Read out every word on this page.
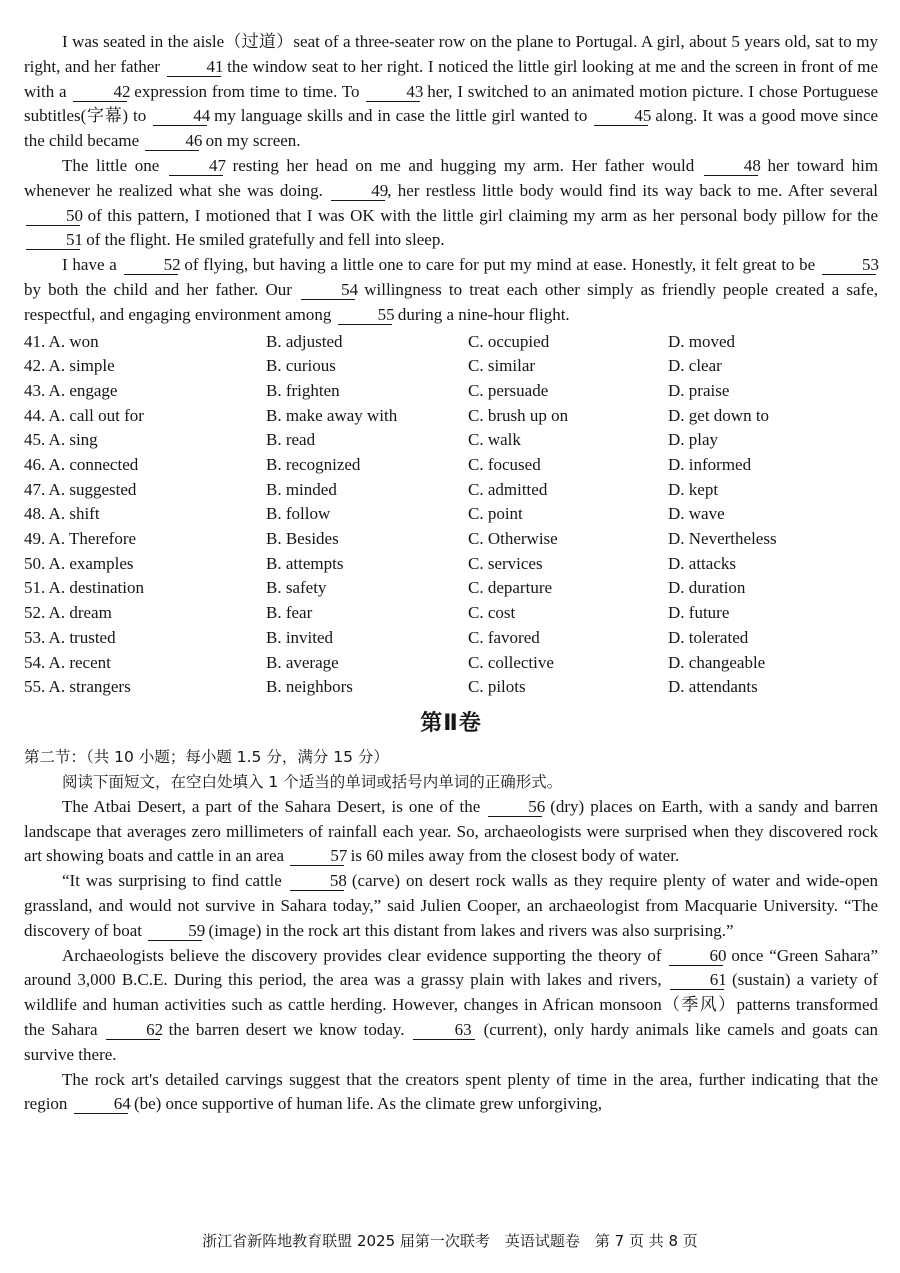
I was seated in the aisle（过道）seat of a three-seater row on the plane to Portugal. A girl, about 5 years old, sat to my right, and her father	41 the window seat to her right. I noticed the little girl looking at me and the screen in front of me with a	42 expression from time to time. To	43 her, I switched to an animated motion picture. I chose Portuguese subtitles(字幕) to	44 my language skills and in case the little girl wanted to	45 along. It was a good move since the child became	46 on my screen.

The little one	47 resting her head on me and hugging my arm. Her father would	48 her toward him whenever he realized what she was doing.	49, her restless little body would find its way back to me. After several 50 of this pattern, I motioned that I was OK with the little girl claiming my arm as her personal body pillow for the 51 of the flight. He smiled gratefully and fell into sleep.

I have a	52 of flying, but having a little one to care for put my mind at ease. Honestly, it felt great to be	53 by both the child and her father. Our	54 willingness to treat each other simply as friendly people created a safe, respectful, and engaging environment among	55 during a nine-hour flight.

41. A. won	B. adjusted	C. occupied	D. moved
42. A. simple	B. curious	C. similar	D. clear
43. A. engage	B. frighten	C. persuade	D. praise
44. A. call out for	B. make away with	C. brush up on	D. get down to
45. A. sing	B. read	C. walk	D. play
46. A. connected	B. recognized	C. focused	D. informed
47. A. suggested	B. minded	C. admitted	D. kept
48. A. shift	B. follow	C. point	D. wave
49. A. Therefore	B. Besides	C. Otherwise	D. Nevertheless
50. A. examples	B. attempts	C. services	D. attacks
51. A. destination	B. safety	C. departure	D. duration
52. A. dream	B. fear	C. cost	D. future
53. A. trusted	B. invited	C. favored	D. tolerated
54. A. recent	B. average	C. collective	D. changeable
55. A. strangers	B. neighbors	C. pilots	D. attendants
第Ⅱ卷

第二节：（共 10 小题；每小题 1.5 分，满分 15 分）

阅读下面短文，在空白处填入 1 个适当的单词或括号内单词的正确形式。

The Atbai Desert, a part of the Sahara Desert, is one of the	56 (dry) places on Earth, with a sandy and barren landscape that averages zero millimeters of rainfall each year. So, archaeologists were surprised when they discovered rock art showing boats and cattle in an area	57 is 60 miles away from the closest body of water.

“It was surprising to find cattle	58 (carve) on desert rock walls as they require plenty of water and wide-open grassland, and would not survive in Sahara today,” said Julien Cooper, an archaeologist from Macquarie University. “The discovery of boat	59 (image) in the rock art this distant from lakes and rivers was also surprising.”

Archaeologists believe the discovery provides clear evidence supporting the theory of	60 once “Green Sahara” around 3,000 B.C.E. During this period, the area was a grassy plain with lakes and rivers,	61 (sustain) a variety of wildlife and human activities such as cattle herding. However, changes in African monsoon（季风）patterns transformed the Sahara	62 the barren desert we know today.	63 (current), only hardy animals like camels and goats can survive there.

The rock art's detailed carvings suggest that the creators spent plenty of time in the area, further indicating that the region	64 (be) once supportive of human life. As the climate grew unforgiving,

浙江省新阵地教育联盟 2025 届第一次联考　英语试题卷　第 7 页 共 8 页
